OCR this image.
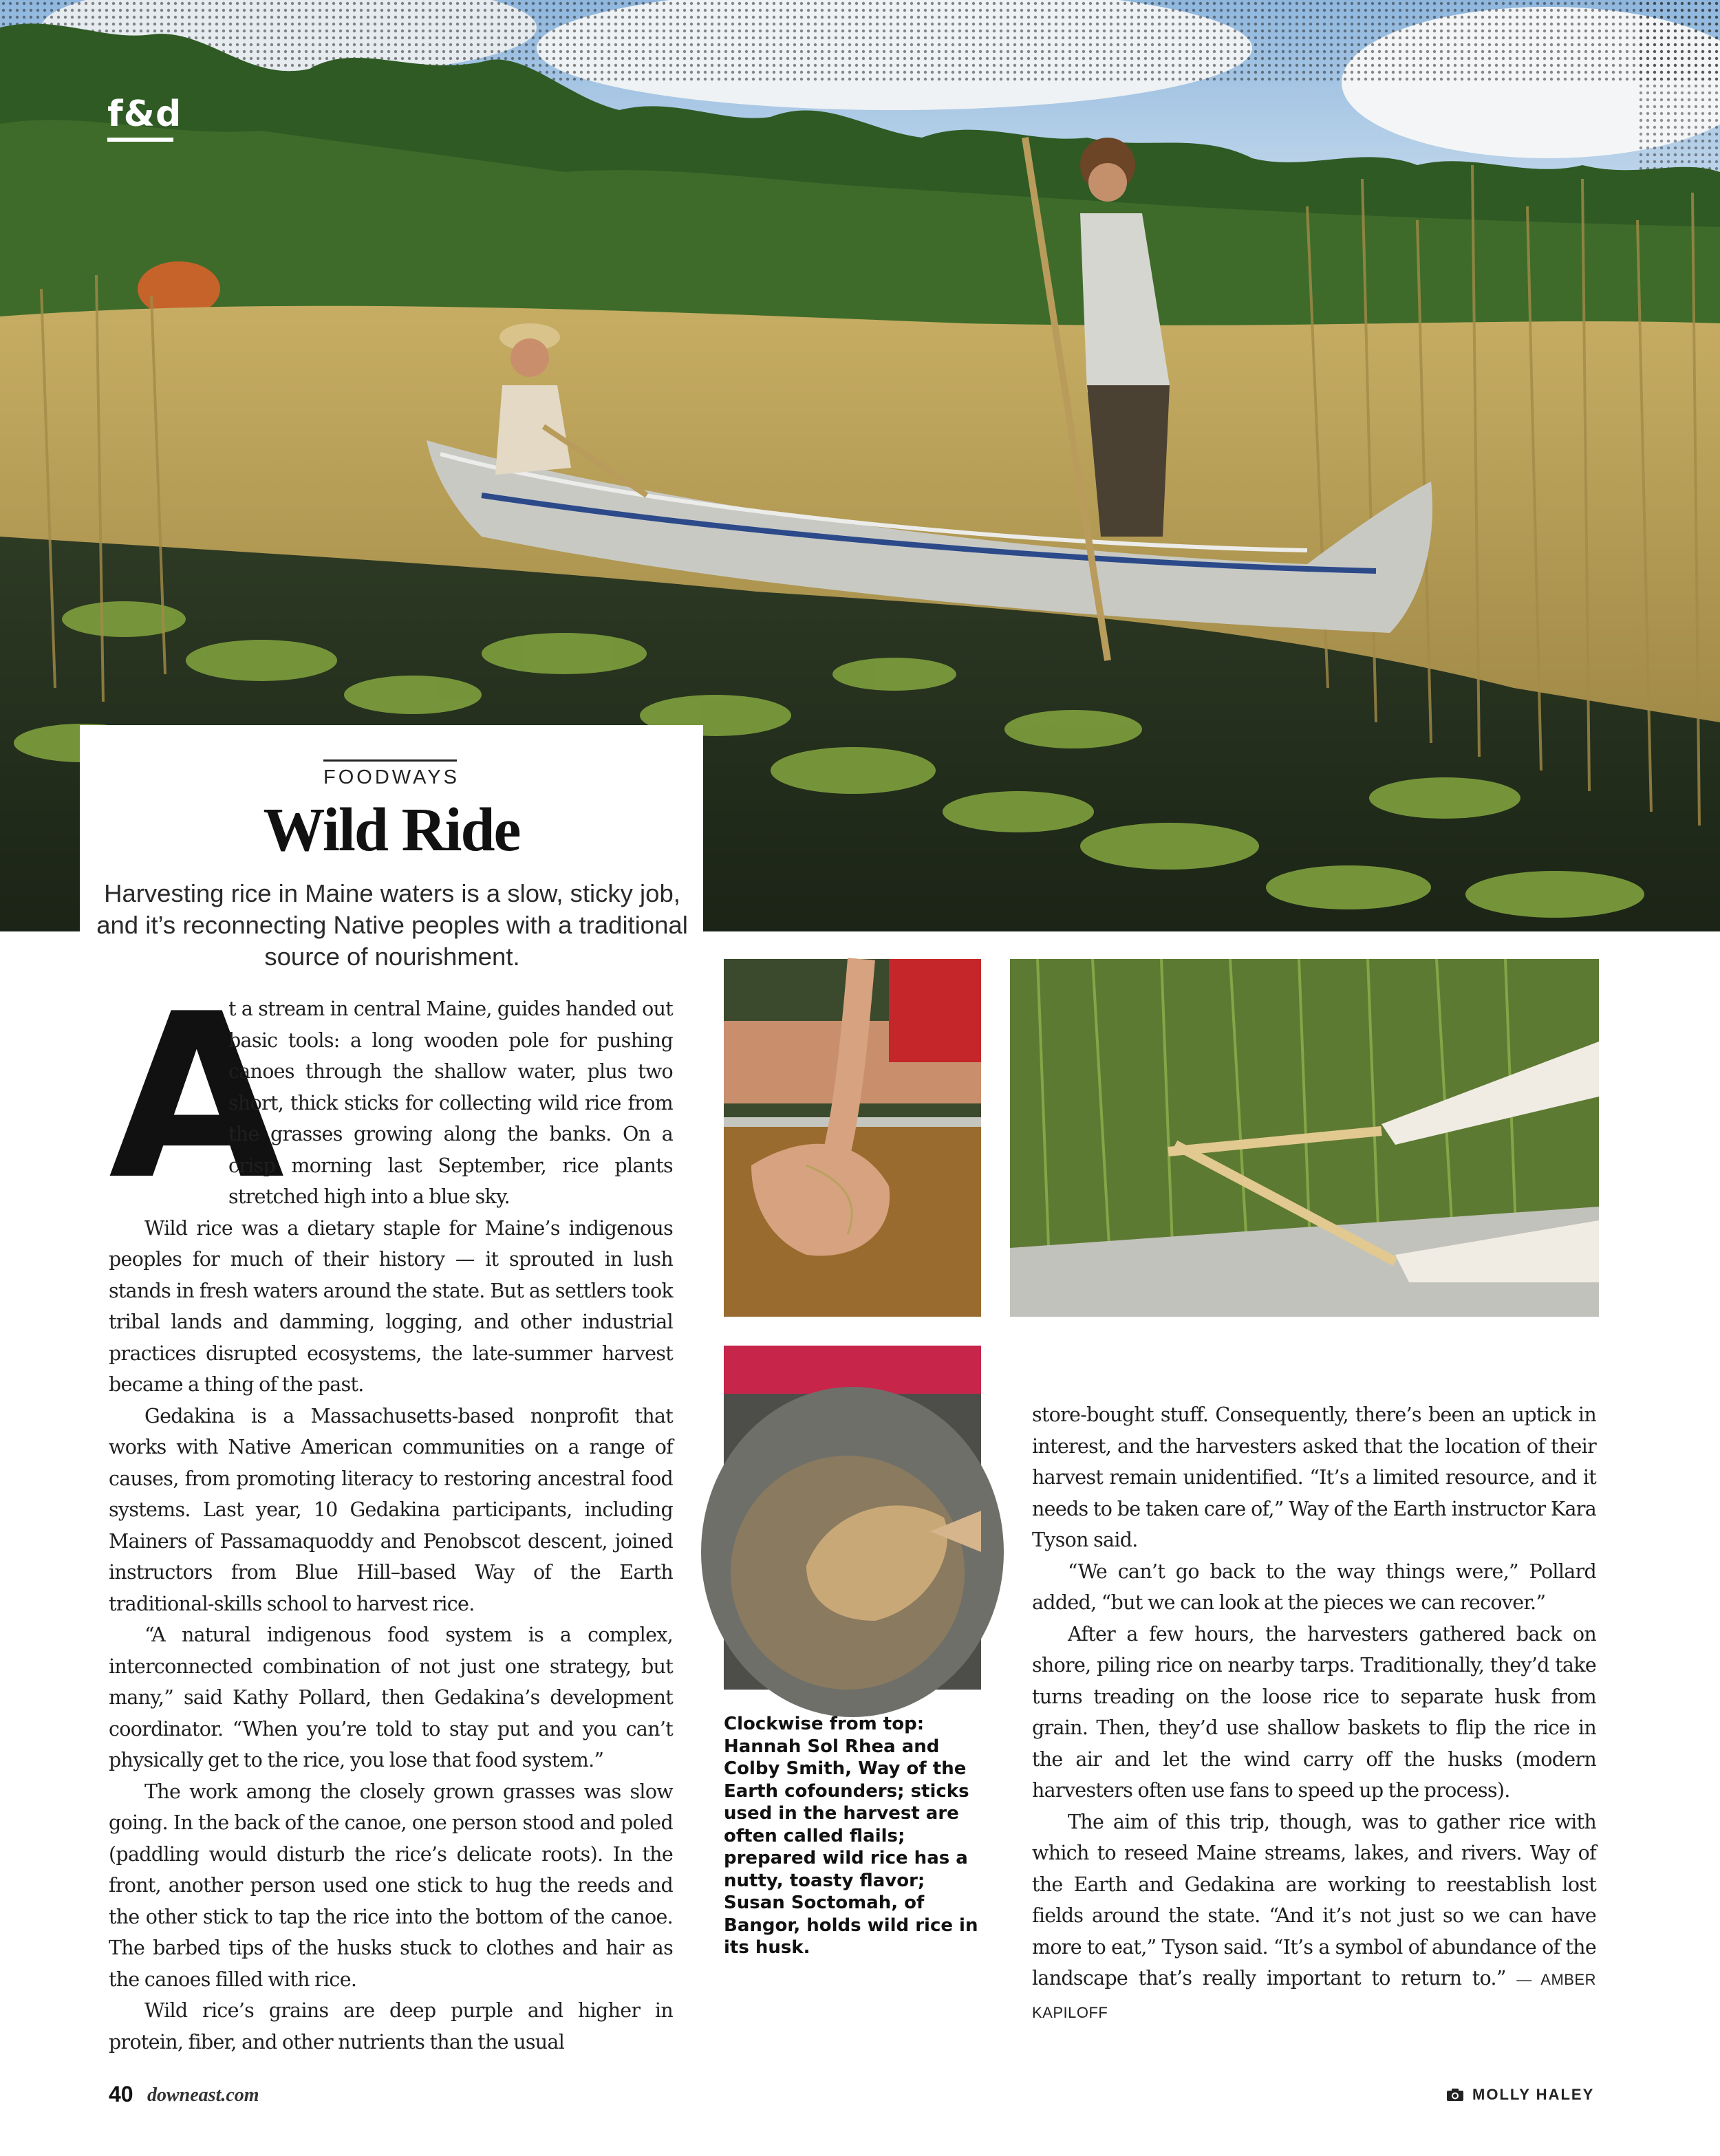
f&d
FOODWAYS
Wild Ride
Harvesting rice in Maine waters is a slow, sticky job, and it’s reconnecting Native peoples with a traditional source of nourishment.

A
t a stream in central Maine, guides handed out basic tools: a long wooden pole for pushing canoes through the shallow water, plus two short, thick sticks for collecting wild rice from the grasses growing along the banks. On a crisp morning last September, rice plants stretched high into a blue sky.

Wild rice was a dietary staple for Maine’s indigenous peoples for much of their history — it sprouted in lush stands in fresh waters around the state. But as settlers took tribal lands and damming, logging, and other industrial practices disrupted ecosystems, the late-summer harvest became a thing of the past.

Gedakina is a Massachusetts-based nonprofit that works with Native American communities on a range of causes, from promoting literacy to restoring ancestral food systems. Last year, 10 Gedakina participants, including Mainers of Passamaquoddy and Penobscot descent, joined instructors from Blue Hill–based Way of the Earth traditional-skills school to harvest rice.

“A natural indigenous food system is a complex, interconnected combination of not just one strategy, but many,” said Kathy Pollard, then Gedakina’s development coordinator. “When you’re told to stay put and you can’t physically get to the rice, you lose that food system.”

The work among the closely grown grasses was slow going. In the back of the canoe, one person stood and poled (paddling would disturb the rice’s delicate roots). In the front, another person used one stick to hug the reeds and the other stick to tap the rice into the bottom of the canoe. The barbed tips of the husks stuck to clothes and hair as the canoes filled with rice.

Wild rice’s grains are deep purple and higher in protein, fiber, and other nutrients than the usual

Clockwise from top: Hannah Sol Rhea and Colby Smith, Way of the Earth cofounders; sticks used in the harvest are often called flails; prepared wild rice has a nutty, toasty flavor; Susan Soctomah, of Bangor, holds wild rice in its husk.

store-bought stuff. Consequently, there’s been an uptick in interest, and the harvesters asked that the location of their harvest remain unidentified. “It’s a limited resource, and it needs to be taken care of,” Way of the Earth instructor Kara Tyson said.

“We can’t go back to the way things were,” Pollard added, “but we can look at the pieces we can recover.”

After a few hours, the harvesters gathered back on shore, piling rice on nearby tarps. Traditionally, they’d take turns treading on the loose rice to separate husk from grain. Then, they’d use shallow baskets to flip the rice in the air and let the wind carry off the husks (modern harvesters often use fans to speed up the process).

The aim of this trip, though, was to gather rice with which to reseed Maine streams, lakes, and rivers. Way of the Earth and Gedakina are working to reestablish lost fields around the state. “And it’s not just so we can have more to eat,” Tyson said. “It’s a symbol of abundance of the landscape that’s really important to return to.” — AMBER KAPILOFF

40 downeast.com	MOLLY HALEY
